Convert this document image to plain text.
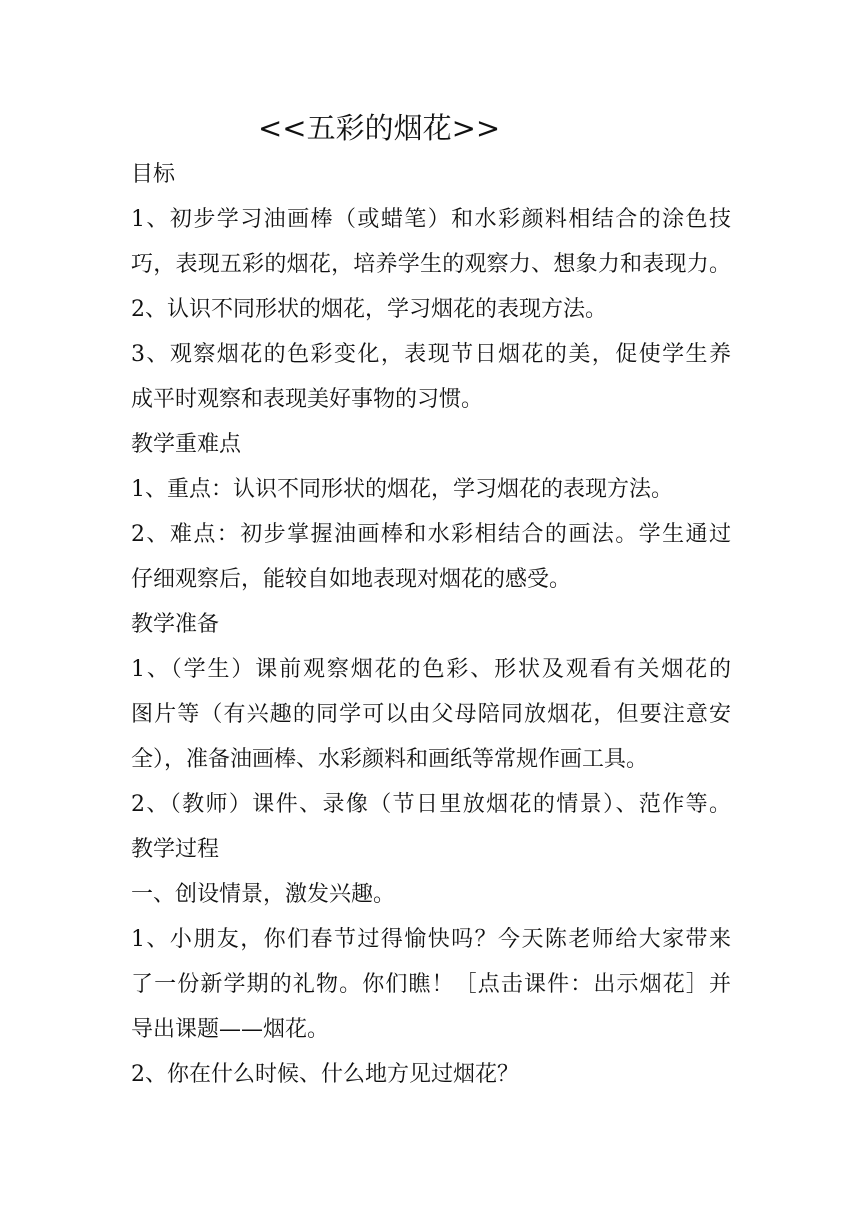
<<五彩的烟花>>
目标
1、初步学习油画棒（或蜡笔）和水彩颜料相结合的涂色技
巧，表现五彩的烟花，培养学生的观察力、想象力和表现力。
2、认识不同形状的烟花，学习烟花的表现方法。
3、观察烟花的色彩变化，表现节日烟花的美，促使学生养
成平时观察和表现美好事物的习惯。
教学重难点
1、重点：认识不同形状的烟花，学习烟花的表现方法。
2、难点：初步掌握油画棒和水彩相结合的画法。学生通过
仔细观察后，能较自如地表现对烟花的感受。
教学准备
1、（学生）课前观察烟花的色彩、形状及观看有关烟花的
图片等（有兴趣的同学可以由父母陪同放烟花，但要注意安
全），准备油画棒、水彩颜料和画纸等常规作画工具。
2、（教师）课件、录像（节日里放烟花的情景）、范作等。
教学过程
一、创设情景，激发兴趣。
1、小朋友，你们春节过得愉快吗？今天陈老师给大家带来
了一份新学期的礼物。你们瞧！［点击课件：出示烟花］并
导出课题——烟花。
2、你在什么时候、什么地方见过烟花？
